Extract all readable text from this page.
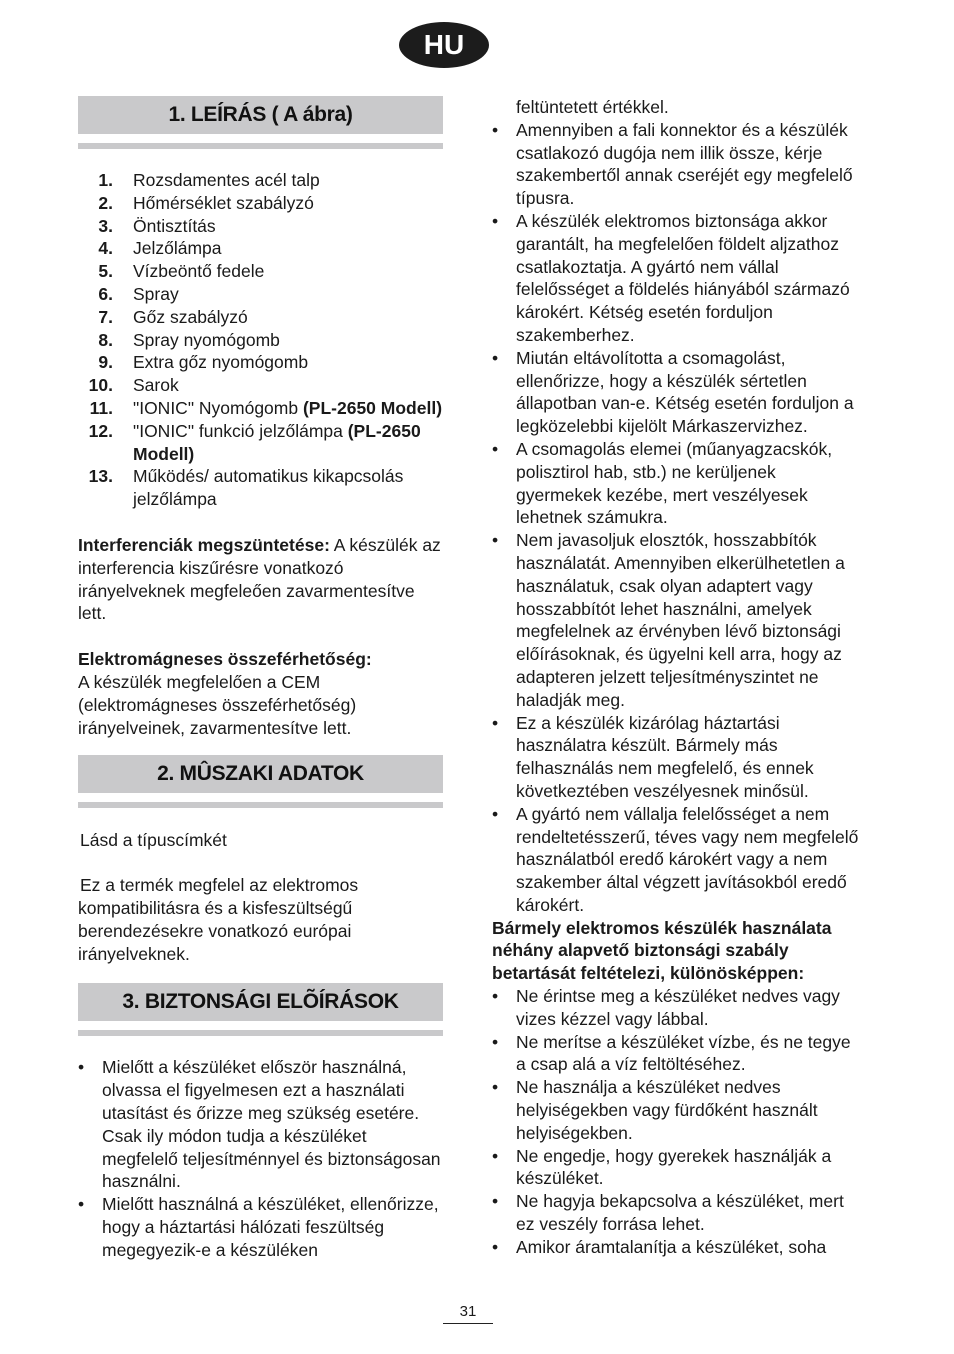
HU
1. LEÍRÁS ( A ábra)
1.	Rozsdamentes acél talp
2.	Hőmérséklet szabályzó
3.	Öntisztítás
4.	Jelzőlámpa
5.	Vízbeöntő fedele
6.	Spray
7.	Gőz szabályzó
8.	Spray nyomógomb
9.	Extra gőz nyomógomb
10.	Sarok
11.	"IONIC" Nyomógomb (PL-2650 Modell)
12.	"IONIC" funkció jelzőlámpa (PL-2650 Modell)
13.	Működés/ automatikus kikapcsolás jelzőlámpa

Interferenciák megszüntetése: A készülék az interferencia kiszűrésre vonatkozó irányelveknek megfeleően zavarmentesítve lett.

Elektromágneses összeférhetőség:
A készülék megfelelően a CEM (elektromágneses összeférhetőség) irányelveinek, zavarmentesítve lett.

2. MÛSZAKI ADATOK

Lásd a típuscímkét

Ez a termék megfelel az elektromos kompatibilitásra és a kisfeszültségű berendezésekre vonatkozó európai irányelveknek.

3. BIZTONSÁGI ELÕÍRÁSOK
• Mielőtt a készüléket először használná, olvassa el figyelmesen ezt a használati utasítást és őrizze meg szükség esetére. Csak ily módon tudja a készüléket megfelelő teljesítménnyel és biztonságosan használni.
• Mielőtt használná a készüléket, ellenőrizze, hogy a háztartási hálózati feszültség megegyezik-e a készüléken

feltüntetett értékkel.

• Amennyiben a fali konnektor és a készülék csatlakozó dugója nem illik össze, kérje szakembertől annak cseréjét egy megfelelő típusra.
• A készülék elektromos biztonsága akkor garantált, ha megfelelően földelt aljzathoz csatlakoztatja. A gyártó nem vállal felelősséget a földelés hiányából származó károkért. Kétség esetén forduljon szakemberhez.
• Miután eltávolította a csomagolást, ellenőrizze, hogy a készülék sértetlen állapotban van-e. Kétség esetén forduljon a legközelebbi kijelölt Márkaszervizhez.
• A csomagolás elemei (műanyagzacskók, polisztirol hab, stb.) ne kerüljenek gyermekek kezébe, mert veszélyesek lehetnek számukra.
• Nem javasoljuk elosztók, hosszabbítók használatát. Amennyiben elkerülhetetlen a használatuk, csak olyan adaptert vagy hosszabbítót lehet használni, amelyek megfelelnek az érvényben lévő biztonsági előírásoknak, és ügyelni kell arra, hogy az adapteren jelzett teljesítményszintet ne haladják meg.
• Ez a készülék kizárólag háztartási használatra készült. Bármely más felhasználás nem megfelelő, és ennek következtében veszélyesnek minősül.
• A gyártó nem vállalja felelősséget a nem rendeltetésszerű, téves vagy nem megfelelő használatból eredő károkért vagy a nem szakember által végzett javításokból eredő károkért.

Bármely elektromos készülék használata néhány alapvető biztonsági szabály betartását feltételezi, különösképpen:

• Ne érintse meg a készüléket nedves vagy vizes kézzel vagy lábbal.
• Ne merítse a készüléket vízbe, és ne tegye a csap alá a víz feltöltéséhez.
• Ne használja a készüléket nedves helyiségekben vagy fürdőként használt helyiségekben.
• Ne engedje, hogy gyerekek használják a készüléket.
• Ne hagyja bekapcsolva a készüléket, mert ez veszély forrása lehet.
• Amikor áramtalanítja a készüléket, soha
31
